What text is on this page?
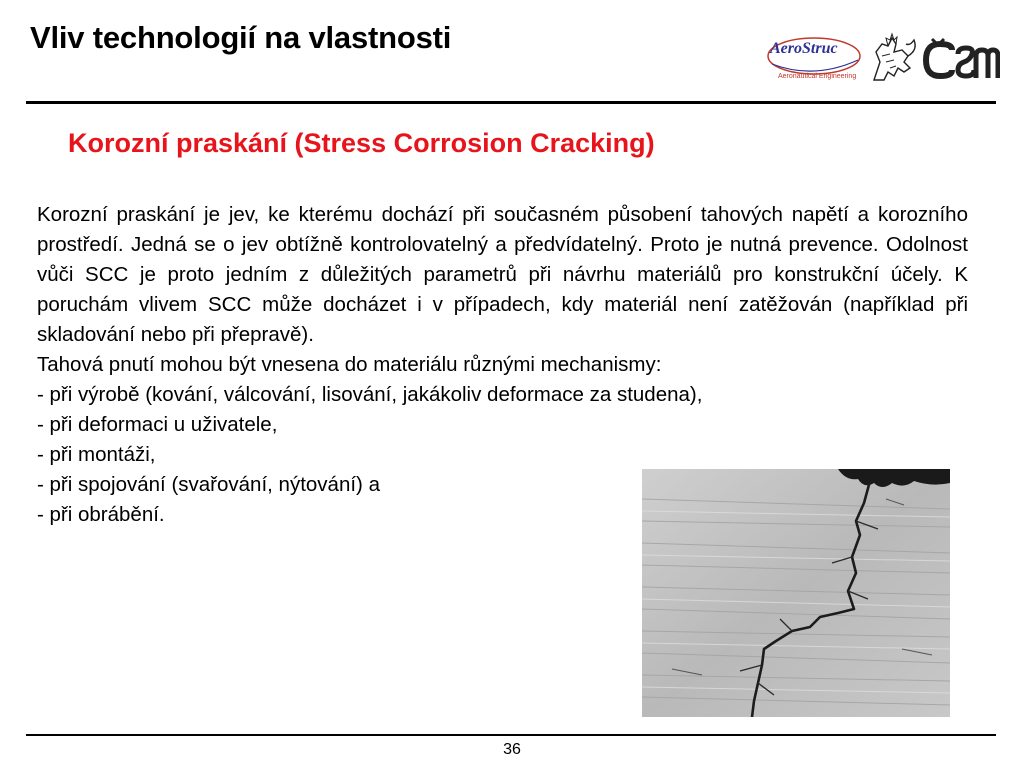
Vliv technologií na vlastnosti	AeroStruc
Aeronautical Engineering
Korozní praskání (Stress Corrosion Cracking)

Korozní praskání je jev, ke kterému dochází při současném působení tahových napětí a korozního prostředí. Jedná se o jev obtížně kontrolovatelný a předvídatelný. Proto je nutná prevence. Odolnost vůči SCC je proto jedním z důležitých parametrů při návrhu materiálů pro konstrukční účely. K poruchám vlivem SCC může docházet i v případech, kdy materiál není zatěžován (například při skladování nebo při přepravě).

Tahová pnutí mohou být vnesena do materiálu různými mechanismy:

- při výrobě (kování, válcování, lisování, jakákoliv deformace za studena),

- při deformaci u uživatele,

- při montáži,

- při spojování (svařování, nýtování) a

- při obrábění.

36
